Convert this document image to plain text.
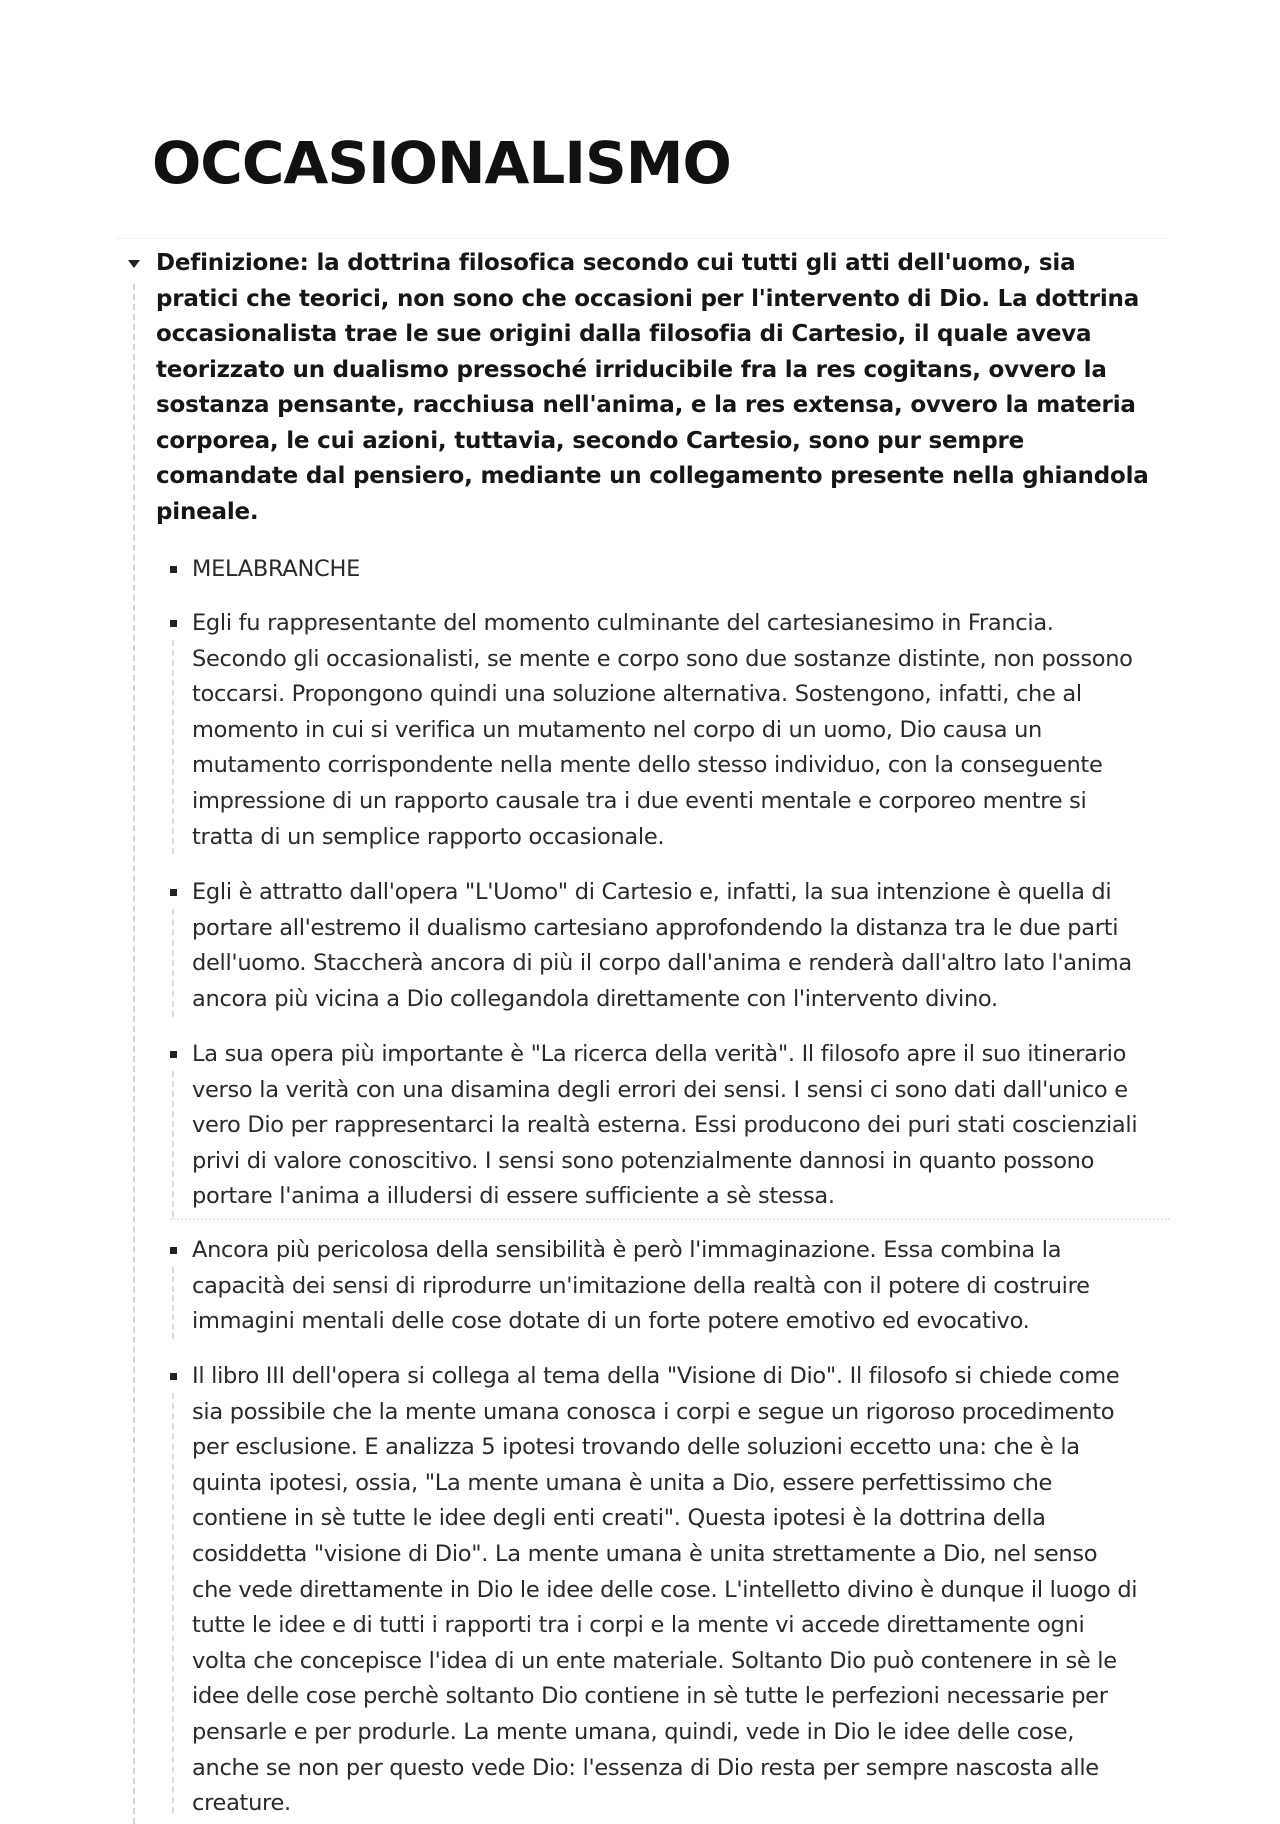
OCCASIONALISMO

Definizione: la dottrina filosofica secondo cui tutti gli atti dell'uomo, sia pratici che teorici, non sono che occasioni per l'intervento di Dio. La dottrina occasionalista trae le sue origini dalla filosofia di Cartesio, il quale aveva teorizzato un dualismo pressoché irriducibile fra la res cogitans, ovvero la sostanza pensante, racchiusa nell'anima, e la res extensa, ovvero la materia corporea, le cui azioni, tuttavia, secondo Cartesio, sono pur sempre comandate dal pensiero, mediante un collegamento presente nella ghiandola pineale.

MELABRANCHE

Egli fu rappresentante del momento culminante del cartesianesimo in Francia. Secondo gli occasionalisti, se mente e corpo sono due sostanze distinte, non possono toccarsi. Propongono quindi una soluzione alternativa. Sostengono, infatti, che al momento in cui si verifica un mutamento nel corpo di un uomo, Dio causa un mutamento corrispondente nella mente dello stesso individuo, con la conseguente impressione di un rapporto causale tra i due eventi mentale e corporeo mentre si tratta di un semplice rapporto occasionale.

Egli è attratto dall'opera "L'Uomo" di Cartesio e, infatti, la sua intenzione è quella di portare all'estremo il dualismo cartesiano approfondendo la distanza tra le due parti dell'uomo. Staccherà ancora di più il corpo dall'anima e renderà dall'altro lato l'anima ancora più vicina a Dio collegandola direttamente con l'intervento divino.

La sua opera più importante è "La ricerca della verità". Il filosofo apre il suo itinerario verso la verità con una disamina degli errori dei sensi. I sensi ci sono dati dall'unico e vero Dio per rappresentarci la realtà esterna. Essi producono dei puri stati coscienziali privi di valore conoscitivo. I sensi sono potenzialmente dannosi in quanto possono portare l'anima a illudersi di essere sufficiente a sè stessa.

Ancora più pericolosa della sensibilità è però l'immaginazione. Essa combina la capacità dei sensi di riprodurre un'imitazione della realtà con il potere di costruire immagini mentali delle cose dotate di un forte potere emotivo ed evocativo.

Il libro III dell'opera si collega al tema della "Visione di Dio". Il filosofo si chiede come sia possibile che la mente umana conosca i corpi e segue un rigoroso procedimento per esclusione. E analizza 5 ipotesi trovando delle soluzioni eccetto una: che è la quinta ipotesi, ossia, "La mente umana è unita a Dio, essere perfettissimo che contiene in sè tutte le idee degli enti creati". Questa ipotesi è la dottrina della cosiddetta "visione di Dio". La mente umana è unita strettamente a Dio, nel senso che vede direttamente in Dio le idee delle cose. L'intelletto divino è dunque il luogo di tutte le idee e di tutti i rapporti tra i corpi e la mente vi accede direttamente ogni volta che concepisce l'idea di un ente materiale. Soltanto Dio può contenere in sè le idee delle cose perchè soltanto Dio contiene in sè tutte le perfezioni necessarie per pensarle e per produrle. La mente umana, quindi, vede in Dio le idee delle cose, anche se non per questo vede Dio: l'essenza di Dio resta per sempre nascosta alle creature.
